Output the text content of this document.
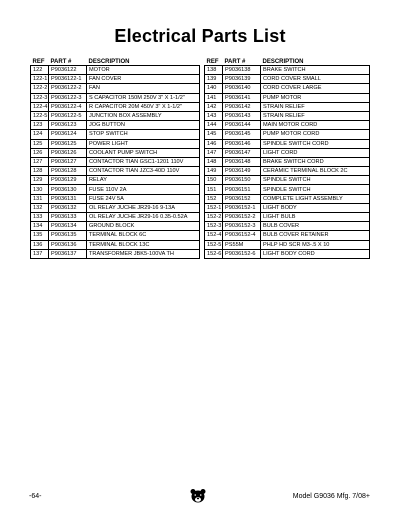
Electrical Parts List
REF	PART #	DESCRIPTION
122	P9036122	MOTOR
122-1	P9036122-1	FAN COVER
122-2	P9036122-2	FAN
122-3	P9036122-3	S CAPACITOR 150M 250V 3" X 1-1/2"
122-4	P9036122-4	R CAPACITOR 20M 450V 3" X 1-1/2"
122-5	P9036122-5	JUNCTION BOX ASSEMBLY
123	P9036123	JOG BUTTON
124	P9036124	STOP SWITCH
125	P9036125	POWER LIGHT
126	P9036126	COOLANT PUMP SWITCH
127	P9036127	CONTACTOR TIAN GSC1-1201 110V
128	P9036128	CONTACTOR TIAN JZC3-40D 110V
129	P9036129	RELAY
130	P9036130	FUSE 110V 2A
131	P9036131	FUSE 24V 5A
132	P9036132	OL RELAY JUCHE JR29-16 9-13A
133	P9036133	OL RELAY JUCHE JR29-16 0.35-0.52A
134	P9036134	GROUND BLOCK
135	P9036135	TERMINAL BLOCK 6C
136	P9036136	TERMINAL BLOCK 13C
137	P9036137	TRANSFORMER JBK5-100VA TH
REF	PART #	DESCRIPTION
138	P9036138	BRAKE SWITCH
139	P9036139	CORD COVER SMALL
140	P9036140	CORD COVER LARGE
141	P9036141	PUMP MOTOR
142	P9036142	STRAIN RELIEF
143	P9036143	STRAIN RELIEF
144	P9036144	MAIN MOTOR CORD
145	P9036145	PUMP MOTOR CORD
146	P9036146	SPINDLE SWITCH CORD
147	P9036147	LIGHT CORD
148	P9036148	BRAKE SWITCH CORD
149	P9036149	CERAMIC TERMINAL BLOCK 2C
150	P9036150	SPINDLE SWITCH
151	P9036151	SPINDLE SWITCH
152	P9036152	COMPLETE LIGHT ASSEMBLY
152-1	P9036152-1	LIGHT BODY
152-2	P9036152-2	LIGHT BULB
152-3	P9036152-3	BULB COVER
152-4	P9036152-4	BULB COVER RETAINER
152-5	PS55M	PHLP HD SCR M3-.5 X 10
152-6	P9036152-6	LIGHT BODY CORD
-64-	Model G9036 Mfg. 7/08+
